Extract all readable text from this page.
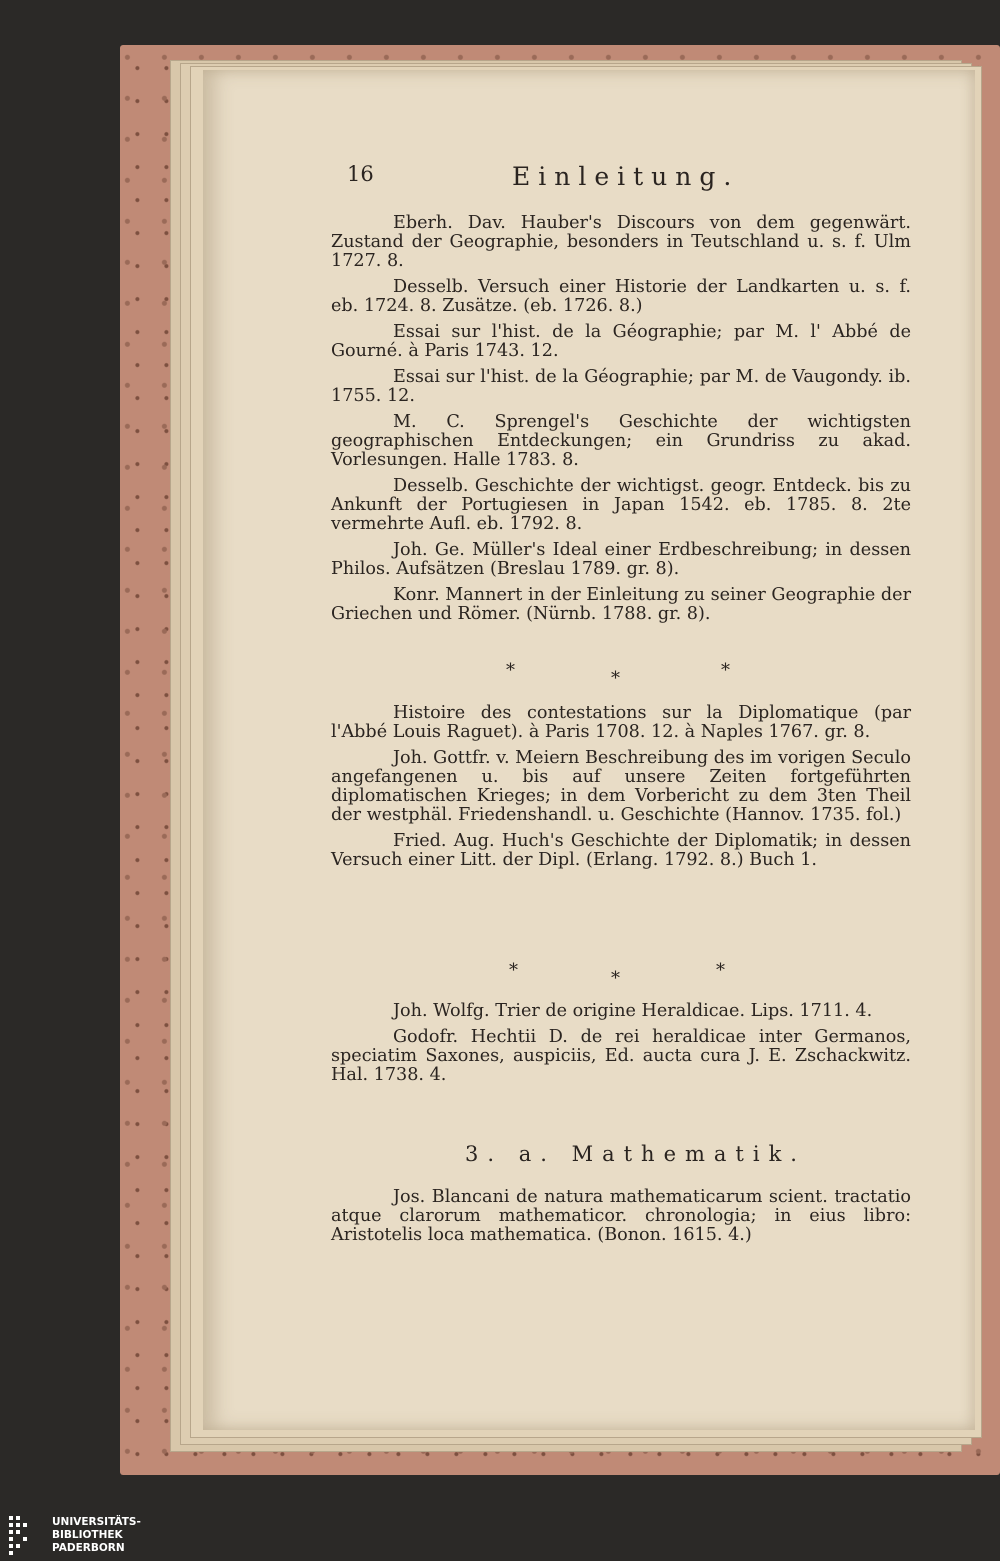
16	Einleitung.

Eberh. Dav. Hauber's Discours von dem gegenwärt. Zustand der Geographie, besonders in Teutschland u. s. f. Ulm 1727. 8.

Desselb. Versuch einer Historie der Landkarten u. s. f. eb. 1724. 8. Zusätze. (eb. 1726. 8.)

Essai sur l'hist. de la Géographie; par M. l' Abbé de Gourné. à Paris 1743. 12.

Essai sur l'hist. de la Géographie; par M. de Vaugondy. ib. 1755. 12.

M. C. Sprengel's Geschichte der wichtigsten geographischen Entdeckungen; ein Grundriss zu akad. Vorlesungen. Halle 1783. 8.

Desselb. Geschichte der wichtigst. geogr. Entdeck. bis zu Ankunft der Portugiesen in Japan 1542. eb. 1785. 8. 2te vermehrte Aufl. eb. 1792. 8.

Joh. Ge. Müller's Ideal einer Erdbeschreibung; in dessen Philos. Aufsätzen (Breslau 1789. gr. 8).

Konr. Mannert in der Einleitung zu seiner Geographie der Griechen und Römer. (Nürnb. 1788. gr. 8).

*	*	*

Histoire des contestations sur la Diplomatique (par l'Abbé Louis Raguet). à Paris 1708. 12. à Naples 1767. gr. 8.

Joh. Gottfr. v. Meiern Beschreibung des im vorigen Seculo angefangenen u. bis auf unsere Zeiten fortgeführten diplomatischen Krieges; in dem Vorbericht zu dem 3ten Theil der westphäl. Friedenshandl. u. Geschichte (Hannov. 1735. fol.)

Fried. Aug. Huch's Geschichte der Diplomatik; in dessen Versuch einer Litt. der Dipl. (Erlang. 1792. 8.) Buch 1.

*	*	*

Joh. Wolfg. Trier de origine Heraldicae. Lips. 1711. 4.

Godofr. Hechtii D. de rei heraldicae inter Germanos, speciatim Saxones, auspiciis, Ed. aucta cura J. E. Zschackwitz. Hal. 1738. 4.

3. a. Mathematik.

Jos. Blancani de natura mathematicarum scient. tractatio atque clarorum mathematicor. chronologia; in eius libro: Aristotelis loca mathematica. (Bonon. 1615. 4.)

UNIVERSITÄTS-
BIBLIOTHEK
PADERBORN
